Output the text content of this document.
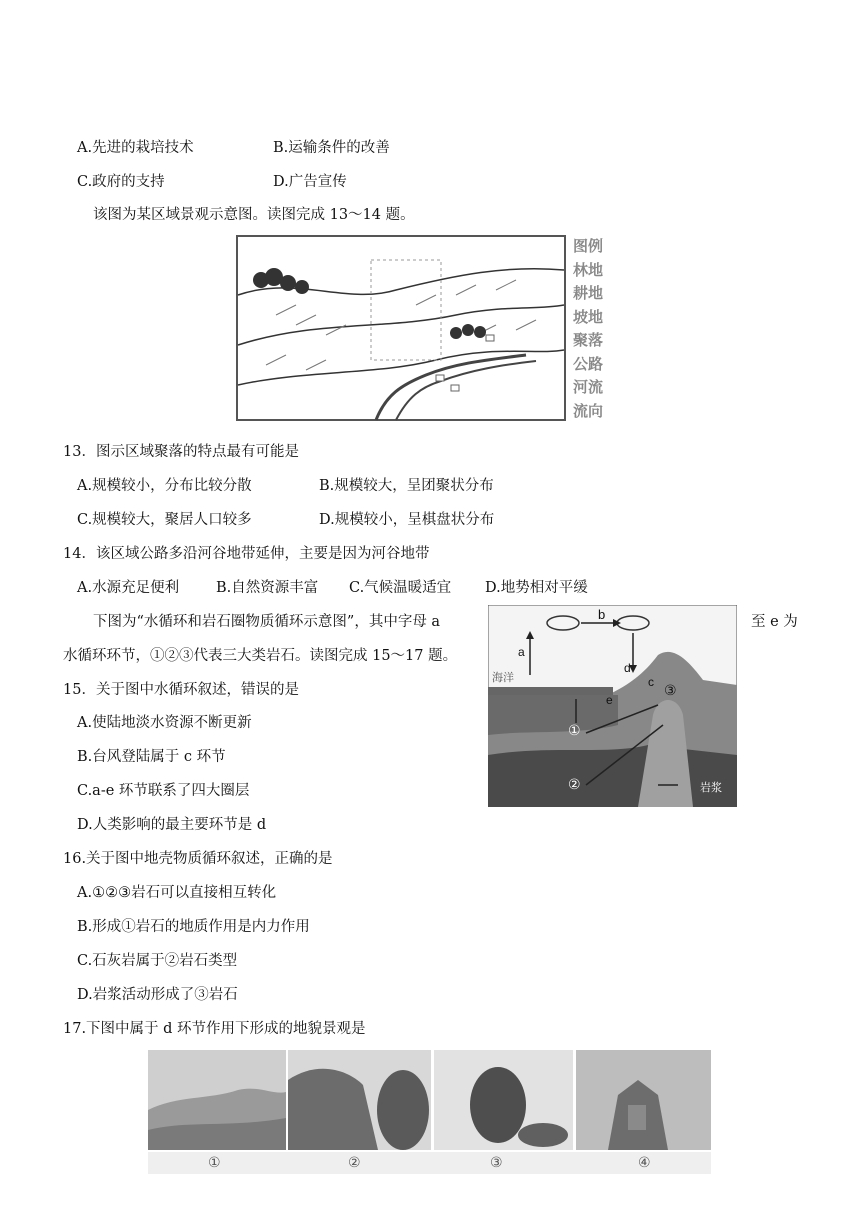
A.先进的栽培技术	B.运输条件的改善
C.政府的支持	D.广告宣传
该图为某区域景观示意图。读图完成 13～14 题。
图例
林地
耕地
坡地
聚落
公路
河流
流向
13．图示区域聚落的特点最有可能是
A.规模较小，分布比较分散	B.规模较大，呈团聚状分布
C.规模较大，聚居人口较多	D.规模较小，呈棋盘状分布
14．该区域公路多沿河谷地带延伸，主要是因为河谷地带
A.水源充足便利	B.自然资源丰富 C.气候温暖适宜 D.地势相对平缓
下图为“水循环和岩石圈物质循环示意图”，其中字母 a	至 e 为
水循环环节，①②③代表三大类岩石。读图完成 15～17 题。
b
a
d
c
e
①
②
③
岩浆
海洋
15．关于图中水循环叙述，错误的是
A.使陆地淡水资源不断更新
B.台风登陆属于 c 环节
C.a-e 环节联系了四大圈层
D.人类影响的最主要环节是 d
16.关于图中地壳物质循环叙述，正确的是
A.①②③岩石可以直接相互转化
B.形成①岩石的地质作用是内力作用
C.石灰岩属于②岩石类型
D.岩浆活动形成了③岩石
17.下图中属于 d 环节作用下形成的地貌景观是
①	②	③	④
